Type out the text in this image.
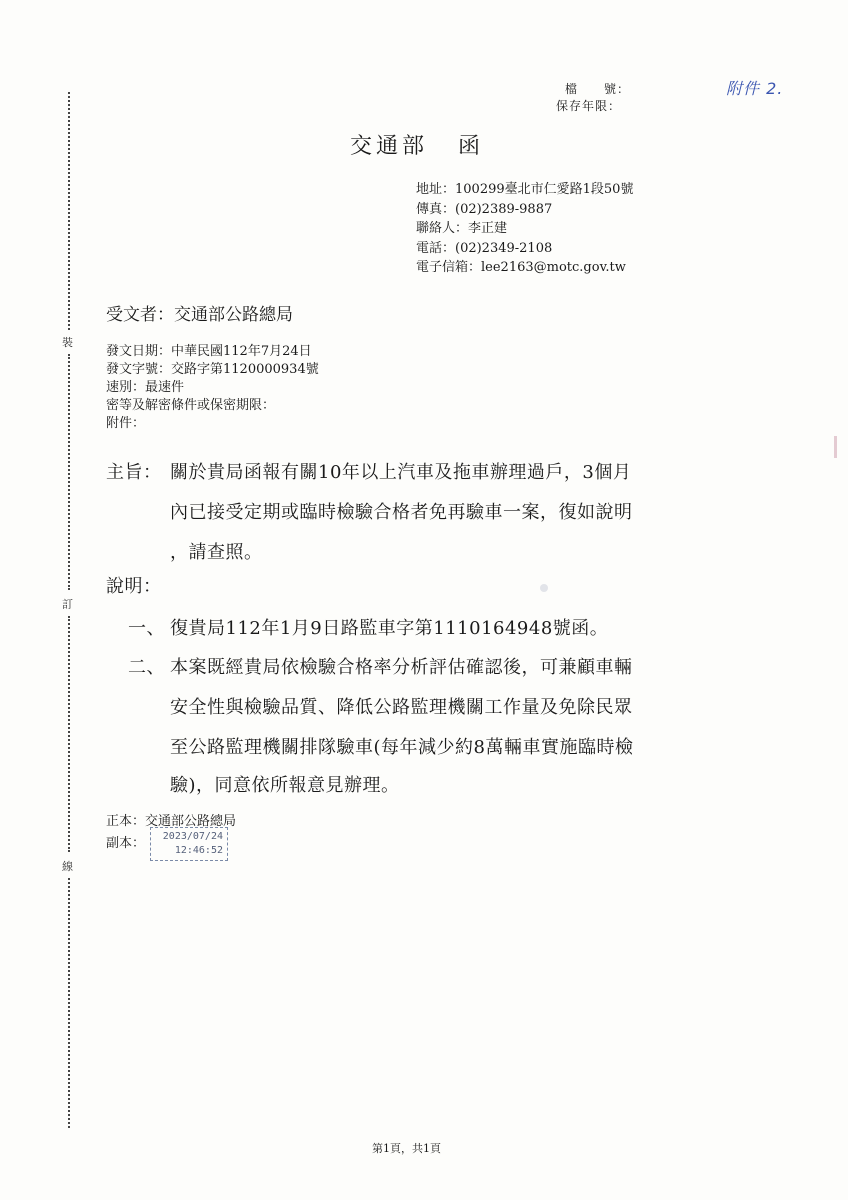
裝
訂
線
附件 2.
檔　　號：
保存年限：
交通部 函
地址：100299臺北市仁愛路1段50號
傳真：(02)2389-9887
聯絡人：李正建
電話：(02)2349-2108
電子信箱：lee2163@motc.gov.tw
受文者：交通部公路總局
發文日期：中華民國112年7月24日
發文字號：交路字第1120000934號
速別：最速件
密等及解密條件或保密期限：
附件：
主旨： 關於貴局函報有關10年以上汽車及拖車辦理過戶，3個月
內已接受定期或臨時檢驗合格者免再驗車一案，復如說明
，請查照。
說明：
一、 復貴局112年1月9日路監車字第1110164948號函。
二、 本案既經貴局依檢驗合格率分析評估確認後，可兼顧車輛
安全性與檢驗品質、降低公路監理機關工作量及免除民眾
至公路監理機關排隊驗車(每年減少約8萬輛車實施臨時檢
驗)，同意依所報意見辦理。
正本：交通部公路總局
副本：	2023/07/24
12:46:52
第1頁，共1頁
